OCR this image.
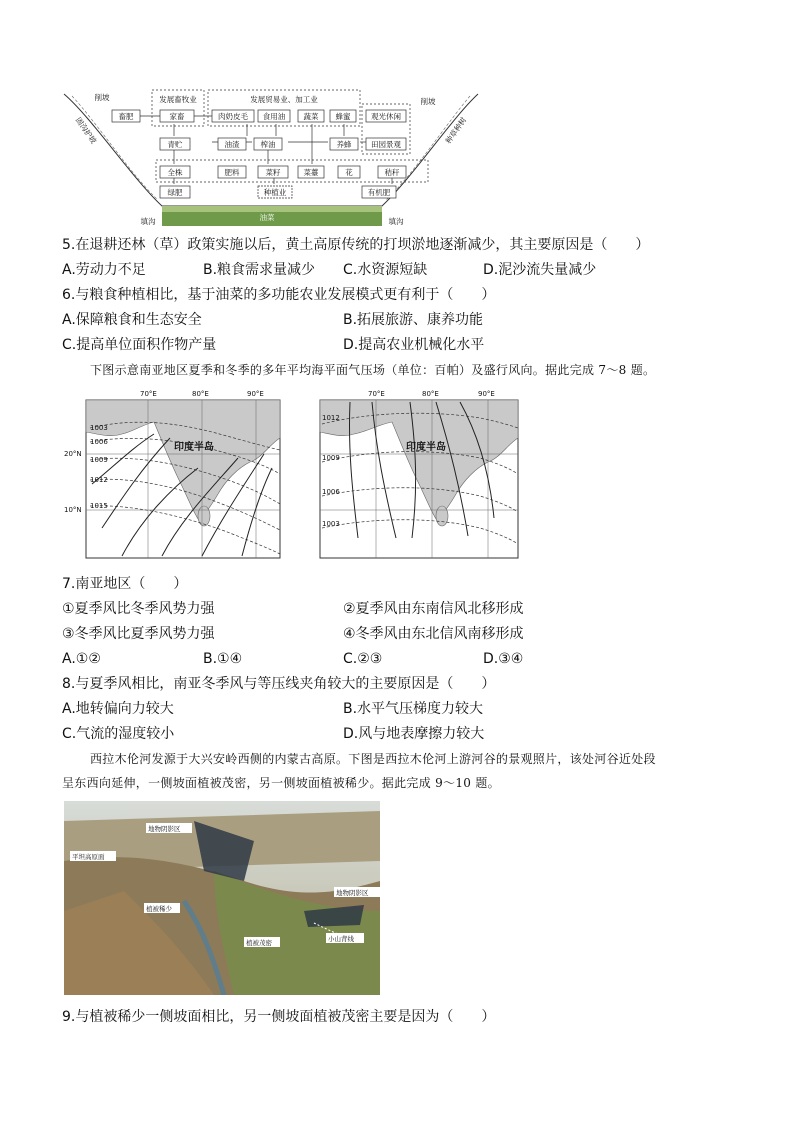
发展畜牧业	发展贸易业、加工业
削坡	削坡
固沟护坡	种草种树
畜肥	家畜	肉奶皮毛 食用油 蔬菜 蜂蜜	观光休闲
青贮	油渣	榨油	养蜂	田园景观
全株	肥料	菜籽	菜薹	花	秸秆
绿肥	种植业	有机肥
油菜
填沟	填沟
5.在退耕还林（草）政策实施以后，黄土高原传统的打坝淤地逐渐减少，其主要原因是（　　）
A.劳动力不足	B.粮食需求量减少 C.水资源短缺	D.泥沙流失量减少
6.与粮食种植相比，基于油菜的多功能农业发展模式更有利于（　　）
A.保障粮食和生态安全	B.拓展旅游、康养功能
C.提高单位面积作物产量	D.提高农业机械化水平
下图示意南亚地区夏季和冬季的多年平均海平面气压场（单位：百帕）及盛行风向。据此完成 7～8 题。
70°E	80°E	90°E
20°N
10°N
1003
1006
1009
1012
1015
印度半岛
70°E	80°E	90°E
1012
1009
1006
1003
印度半岛
7.南亚地区（　　）
①夏季风比冬季风势力强	②夏季风由东南信风北移形成
③冬季风比夏季风势力强	④冬季风由东北信风南移形成
A.①②	B.①④	C.②③	D.③④
8.与夏季风相比，南亚冬季风与等压线夹角较大的主要原因是（　　）
A.地转偏向力较大	B.水平气压梯度力较大
C.气流的湿度较小	D.风与地表摩擦力较大
西拉木伦河发源于大兴安岭西侧的内蒙古高原。下图是西拉木伦河上游河谷的景观照片，该处河谷近处段
呈东西向延伸，一侧坡面植被茂密，另一侧坡面植被稀少。据此完成 9～10 题。
地物阴影区
平坦高原面
植被稀少
植被茂密
地物阴影区
小山背线
9.与植被稀少一侧坡面相比，另一侧坡面植被茂密主要是因为（　　）
